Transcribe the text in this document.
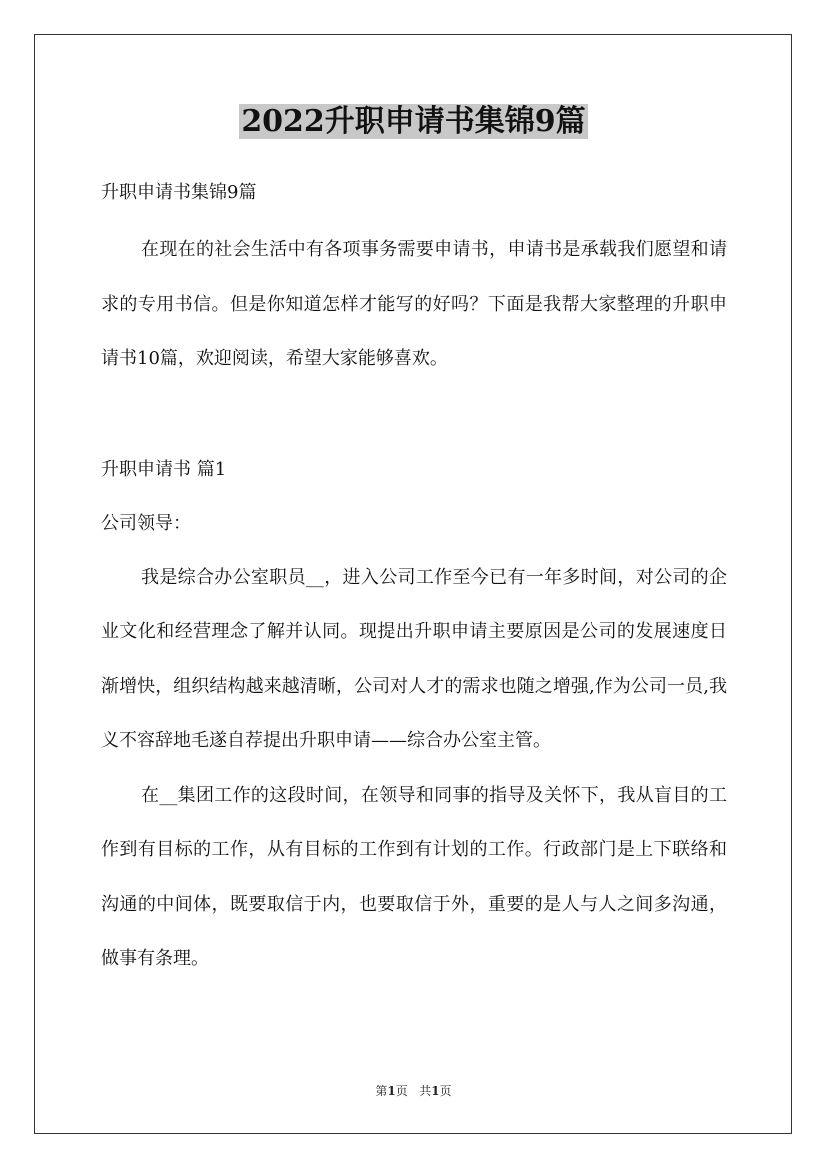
2022升职申请书集锦9篇

升职申请书集锦9篇

在现在的社会生活中有各项事务需要申请书，申请书是承载我们愿望和请求的专用书信。但是你知道怎样才能写的好吗？下面是我帮大家整理的升职申请书10篇，欢迎阅读，希望大家能够喜欢。

升职申请书 篇1

公司领导：

我是综合办公室职员__，进入公司工作至今已有一年多时间，对公司的企业文化和经营理念了解并认同。现提出升职申请主要原因是公司的发展速度日渐增快，组织结构越来越清晰，公司对人才的需求也随之增强,作为公司一员,我义不容辞地毛遂自荐提出升职申请——综合办公室主管。

在__集团工作的这段时间，在领导和同事的指导及关怀下，我从盲目的工作到有目标的工作，从有目标的工作到有计划的工作。行政部门是上下联络和沟通的中间体，既要取信于内，也要取信于外，重要的是人与人之间多沟通，做事有条理。

第1页 共1页
